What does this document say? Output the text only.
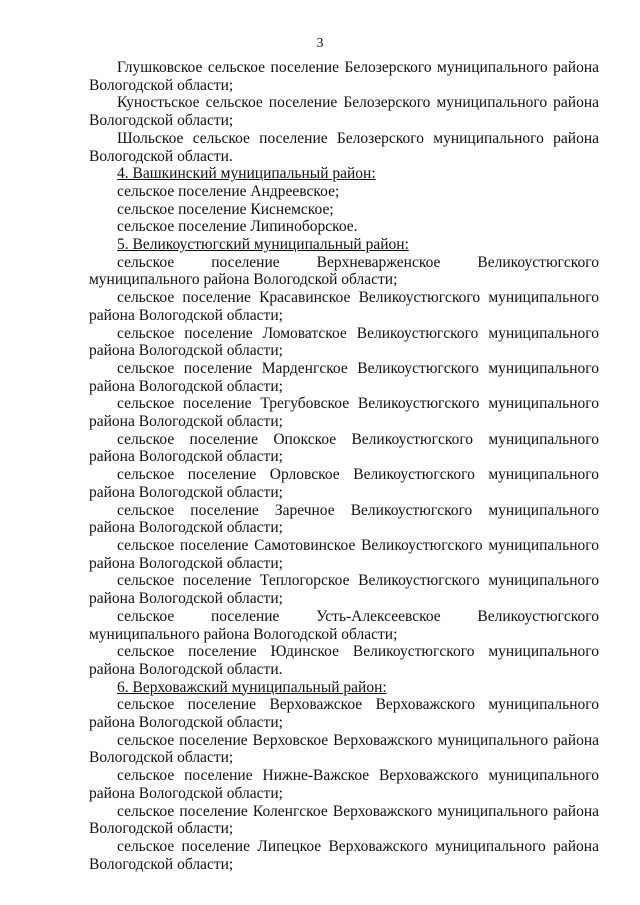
3

Глушковское сельское поселение Белозерского муниципального района Вологодской области;

Куностьское сельское поселение Белозерского муниципального района Вологодской области;

Шольское сельское поселение Белозерского муниципального района Вологодской области.

4. Вашкинский муниципальный район:

сельское поселение Андреевское;

сельское поселение Киснемское;

сельское поселение Липиноборское.

5. Великоустюгский муниципальный район:

сельское поселение Верхневарженское Великоустюгского муниципального района Вологодской области;

сельское поселение Красавинское Великоустюгского муниципального района Вологодской области;

сельское поселение Ломоватское Великоустюгского муниципального района Вологодской области;

сельское поселение Марденгское Великоустюгского муниципального района Вологодской области;

сельское поселение Трегубовское Великоустюгского муниципального района Вологодской области;

сельское поселение Опокское Великоустюгского муниципального района Вологодской области;

сельское поселение Орловское Великоустюгского муниципального района Вологодской области;

сельское поселение Заречное Великоустюгского муниципального района Вологодской области;

сельское поселение Самотовинское Великоустюгского муниципального района Вологодской области;

сельское поселение Теплогорское Великоустюгского муниципального района Вологодской области;

сельское поселение Усть-Алексеевское Великоустюгского муниципального района Вологодской области;

сельское поселение Юдинское Великоустюгского муниципального района Вологодской области.

6. Верховажский муниципальный район:

сельское поселение Верховажское Верховажского муниципального района Вологодской области;

сельское поселение Верховское Верховажского муниципального района Вологодской области;

сельское поселение Нижне-Важское Верховажского муниципального района Вологодской области;

сельское поселение Коленгское Верховажского муниципального района Вологодской области;

сельское поселение Липецкое Верховажского муниципального района Вологодской области;
